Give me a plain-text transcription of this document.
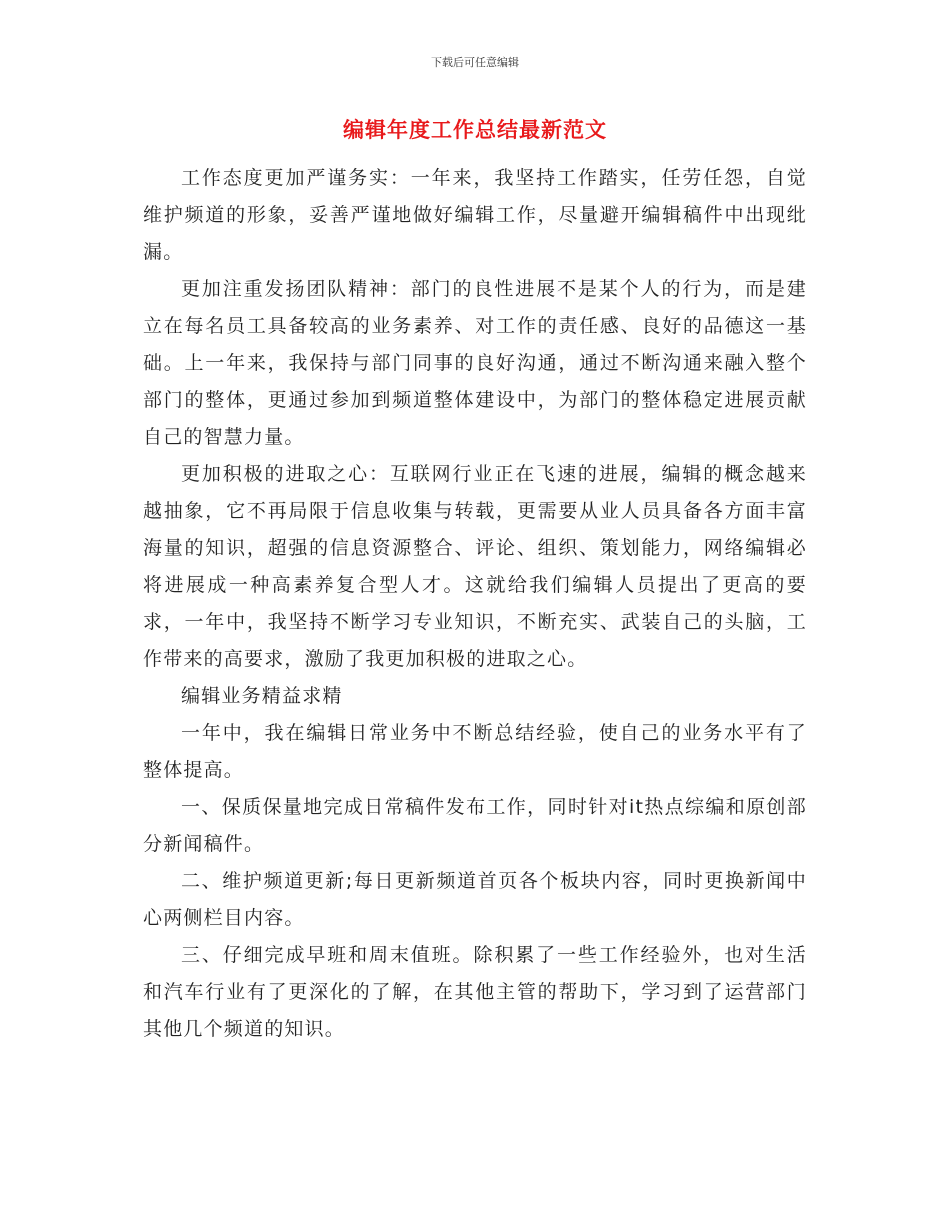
下载后可任意编辑
编辑年度工作总结最新范文

工作态度更加严谨务实：一年来，我坚持工作踏实，任劳任怨，自觉维护频道的形象，妥善严谨地做好编辑工作，尽量避开编辑稿件中出现纰漏。

更加注重发扬团队精神：部门的良性进展不是某个人的行为，而是建立在每名员工具备较高的业务素养、对工作的责任感、良好的品德这一基础。上一年来，我保持与部门同事的良好沟通，通过不断沟通来融入整个部门的整体，更通过参加到频道整体建设中，为部门的整体稳定进展贡献自己的智慧力量。

更加积极的进取之心：互联网行业正在飞速的进展，编辑的概念越来越抽象，它不再局限于信息收集与转载，更需要从业人员具备各方面丰富海量的知识，超强的信息资源整合、评论、组织、策划能力，网络编辑必将进展成一种高素养复合型人才。这就给我们编辑人员提出了更高的要求，一年中，我坚持不断学习专业知识，不断充实、武装自己的头脑，工作带来的高要求，激励了我更加积极的进取之心。

编辑业务精益求精

一年中，我在编辑日常业务中不断总结经验，使自己的业务水平有了整体提高。

一、保质保量地完成日常稿件发布工作，同时针对it热点综编和原创部分新闻稿件。

二、维护频道更新;每日更新频道首页各个板块内容，同时更换新闻中心两侧栏目内容。

三、仔细完成早班和周末值班。除积累了一些工作经验外，也对生活和汽车行业有了更深化的了解，在其他主管的帮助下，学习到了运营部门其他几个频道的知识。
